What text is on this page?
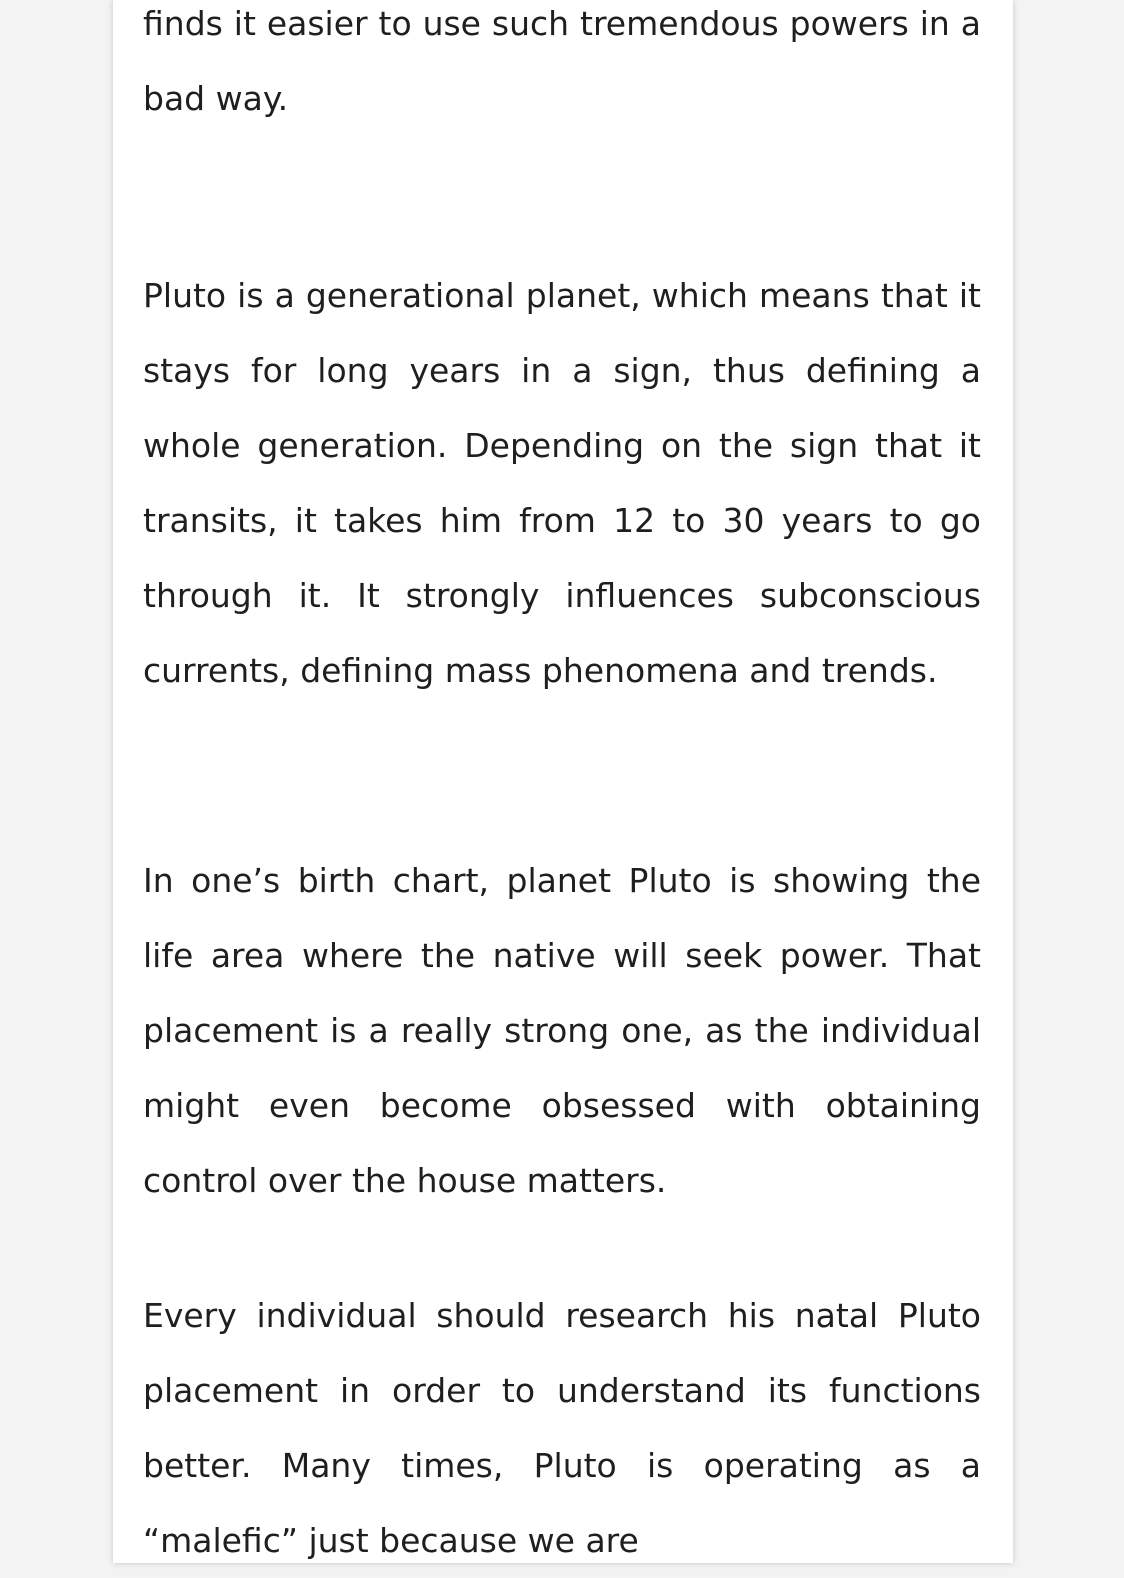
finds it easier to use such tremendous powers in a bad way.

Pluto is a generational planet, which means that it stays for long years in a sign, thus defining a whole generation. Depending on the sign that it transits, it takes him from 12 to 30 years to go through it. It strongly influences subconscious currents, defining mass phenomena and trends.

In one’s birth chart, planet Pluto is showing the life area where the native will seek power. That placement is a really strong one, as the individual might even become obsessed with obtaining control over the house matters.

Every individual should research his natal Pluto placement in order to understand its functions better. Many times, Pluto is operating as a “malefic” just because we are
